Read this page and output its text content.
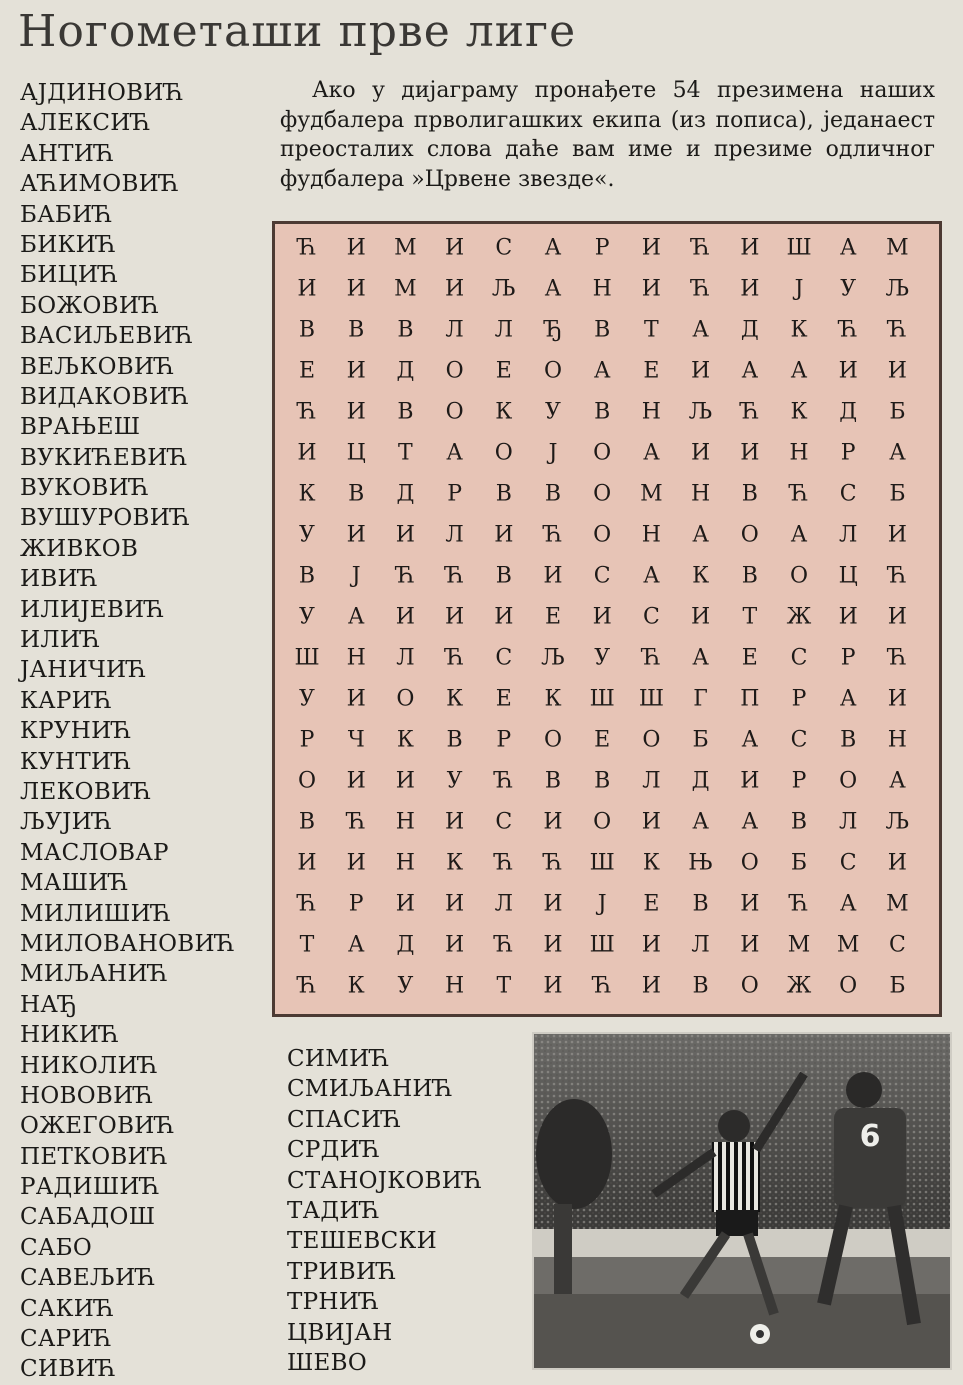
Ногометаши прве лиге
АЈДИНОВИЋ
АЛЕКСИЋ
АНТИЋ
АЋИМОВИЋ
БАБИЋ
БИКИЋ
БИЦИЋ
БОЖОВИЋ
ВАСИЉЕВИЋ
ВЕЉКОВИЋ
ВИДАКОВИЋ
ВРАЊЕШ
ВУКИЋЕВИЋ
ВУКОВИЋ
ВУШУРОВИЋ
ЖИВКОВ
ИВИЋ
ИЛИЈЕВИЋ
ИЛИЋ
ЈАНИЧИЋ
КАРИЋ
КРУНИЋ
КУНТИЋ
ЛЕКОВИЋ
ЉУЈИЋ
МАСЛОВАР
МАШИЋ
МИЛИШИЋ
МИЛОВАНОВИЋ
МИЉАНИЋ
НАЂ
НИКИЋ
НИКОЛИЋ
НОВОВИЋ
ОЖЕГОВИЋ
ПЕТКОВИЋ
РАДИШИЋ
САБАДОШ
САБО
САВЕЉИЋ
САКИЋ
САРИЋ
СИВИЋ

Ако у дијаграму пронађете 54 презимена наших фудбалера прволигашких екипа (из пописа), једанаест преосталих слова даће вам име и презиме одличног фудбалера »Црвене звезде«.

Ћ И М И С А Р И Ћ И Ш А М
И И М И Љ А Н И Ћ И Ј У Љ
В В В Л Л Ђ В Т А Д К Ћ Ћ
Е И Д О Е О А Е И А А И И
Ћ И В О К У В Н Љ Ћ К Д Б
И Ц Т А О Ј О А И И Н Р А
К В Д Р В В О М Н В Ћ С Б
У И И Л И Ћ О Н А О А Л И
В Ј Ћ Ћ В И С А К В О Ц Ћ
У А И И И Е И С И Т Ж И И
Ш Н Л Ћ С Љ У Ћ А Е С Р Ћ
У И О К Е К Ш Ш Г П Р А И
Р Ч К В Р О Е О Б А С В Н
О И И У Ћ В В Л Д И Р О А
В Ћ Н И С И О И А А В Л Љ
И И Н К Ћ Ћ Ш К Њ О Б С И
Ћ Р И И Л И Ј Е В И Ћ А М
Т А Д И Ћ И Ш И Л И М М С
Ћ К У Н Т И Ћ И В О Ж О Б
СИМИЋ
СМИЉАНИЋ
СПАСИЋ
СРДИЋ
СТАНОЈКОВИЋ
ТАДИЋ
ТЕШЕВСКИ
ТРИВИЋ
ТРНИЋ
ЦВИЈАН
ШЕВО
6
